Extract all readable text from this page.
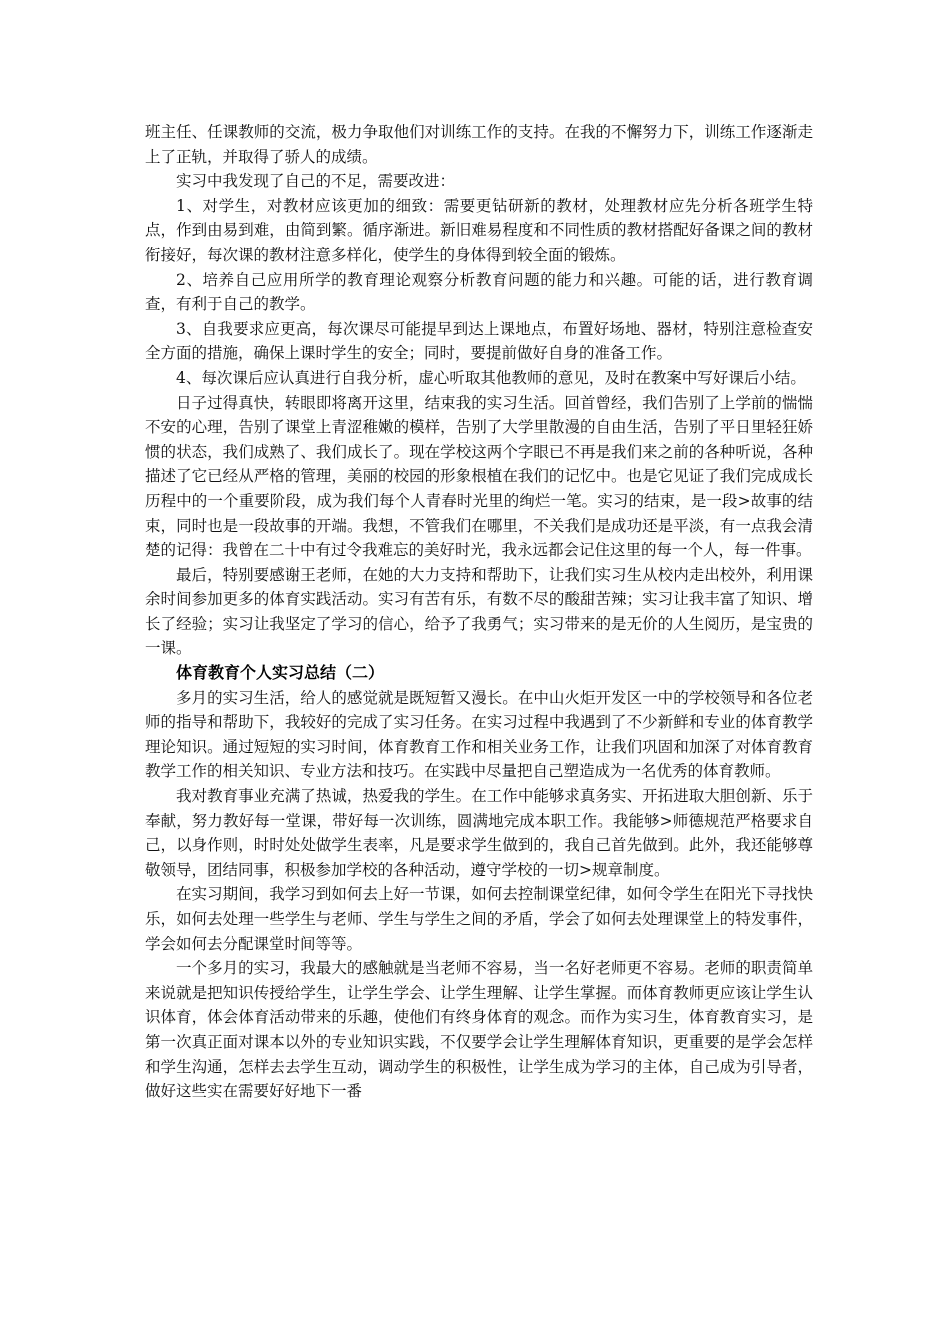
班主任、任课教师的交流，极力争取他们对训练工作的支持。在我的不懈努力下，训练工作逐渐走上了正轨，并取得了骄人的成绩。

实习中我发现了自己的不足，需要改进：

1、对学生，对教材应该更加的细致：需要更钻研新的教材，处理教材应先分析各班学生特点，作到由易到难，由简到繁。循序渐进。新旧难易程度和不同性质的教材搭配好备课之间的教材衔接好，每次课的教材注意多样化，使学生的身体得到较全面的锻炼。

2、培养自己应用所学的教育理论观察分析教育问题的能力和兴趣。可能的话，进行教育调查，有利于自己的教学。

3、自我要求应更高，每次课尽可能提早到达上课地点，布置好场地、器材，特别注意检查安全方面的措施，确保上课时学生的安全；同时，要提前做好自身的准备工作。

4、每次课后应认真进行自我分析，虚心听取其他教师的意见，及时在教案中写好课后小结。

日子过得真快，转眼即将离开这里，结束我的实习生活。回首曾经，我们告别了上学前的惴惴不安的心理，告别了课堂上青涩稚嫩的模样，告别了大学里散漫的自由生活，告别了平日里轻狂娇惯的状态，我们成熟了、我们成长了。现在学校这两个字眼已不再是我们来之前的各种听说，各种描述了它已经从严格的管理，美丽的校园的形象根植在我们的记忆中。也是它见证了我们完成成长历程中的一个重要阶段，成为我们每个人青春时光里的绚烂一笔。实习的结束，是一段>故事的结束，同时也是一段故事的开端。我想，不管我们在哪里，不关我们是成功还是平淡，有一点我会清楚的记得：我曾在二十中有过令我难忘的美好时光，我永远都会记住这里的每一个人，每一件事。

最后，特别要感谢王老师，在她的大力支持和帮助下，让我们实习生从校内走出校外，利用课余时间参加更多的体育实践活动。实习有苦有乐，有数不尽的酸甜苦辣；实习让我丰富了知识、增长了经验；实习让我坚定了学习的信心，给予了我勇气；实习带来的是无价的人生阅历，是宝贵的一课。

体育教育个人实习总结（二）

多月的实习生活，给人的感觉就是既短暂又漫长。在中山火炬开发区一中的学校领导和各位老师的指导和帮助下，我较好的完成了实习任务。在实习过程中我遇到了不少新鲜和专业的体育教学理论知识。通过短短的实习时间，体育教育工作和相关业务工作，让我们巩固和加深了对体育教育教学工作的相关知识、专业方法和技巧。在实践中尽量把自己塑造成为一名优秀的体育教师。

我对教育事业充满了热诚，热爱我的学生。在工作中能够求真务实、开拓进取大胆创新、乐于奉献，努力教好每一堂课，带好每一次训练，圆满地完成本职工作。我能够>师德规范严格要求自己，以身作则，时时处处做学生表率，凡是要求学生做到的，我自己首先做到。此外，我还能够尊敬领导，团结同事，积极参加学校的各种活动，遵守学校的一切>规章制度。

在实习期间，我学习到如何去上好一节课，如何去控制课堂纪律，如何令学生在阳光下寻找快乐，如何去处理一些学生与老师、学生与学生之间的矛盾，学会了如何去处理课堂上的特发事件，学会如何去分配课堂时间等等。

一个多月的实习，我最大的感触就是当老师不容易，当一名好老师更不容易。老师的职责简单来说就是把知识传授给学生，让学生学会、让学生理解、让学生掌握。而体育教师更应该让学生认识体育，体会体育活动带来的乐趣，使他们有终身体育的观念。而作为实习生，体育教育实习，是第一次真正面对课本以外的专业知识实践，不仅要学会让学生理解体育知识，更重要的是学会怎样和学生沟通，怎样去去学生互动，调动学生的积极性，让学生成为学习的主体，自己成为引导者，做好这些实在需要好好地下一番
